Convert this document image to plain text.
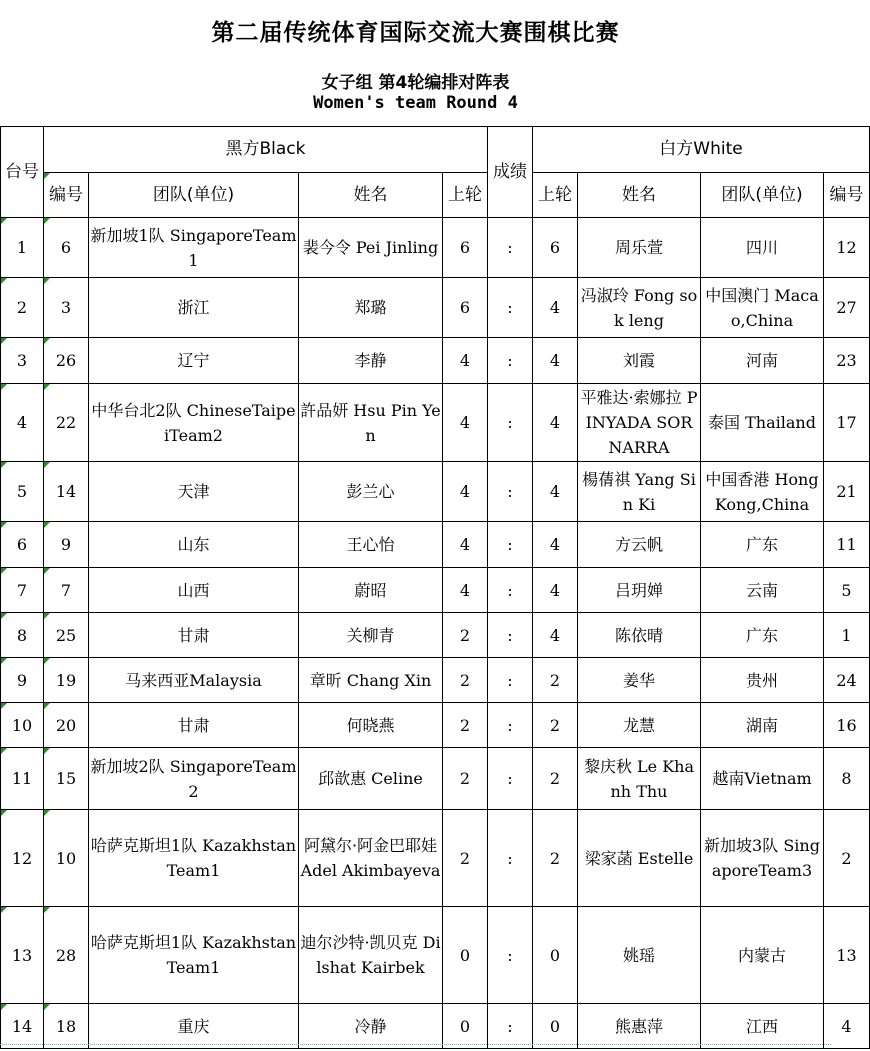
第二届传统体育国际交流大赛围棋比赛
女子组 第4轮编排对阵表
Women's team Round 4
台号	黑方Black				成绩	白方White			
	编号	团队(单位)	姓名	上轮		上轮	姓名	团队(单位)	编号
1	6	新加坡1队 SingaporeTeam1	裴今令 Pei Jinling	6	:	6	周乐萱	四川	12
2	3	浙江	郑璐	6	:	4	冯淑玲 Fong sok leng	中国澳门 Macao,China	27
3	26	辽宁	李静	4	:	4	刘霞	河南	23
4	22	中华台北2队 ChineseTaipeiTeam2	許品妍 Hsu Pin Yen	4	:	4	平雅达·索娜拉 PINYADA SORNARRA	泰国 Thailand	17
5	14	天津	彭兰心	4	:	4	楊蒨祺 Yang Sin Ki	中国香港 HongKong,China	21
6	9	山东	王心怡	4	:	4	方云帆	广东	11
7	7	山西	蔚昭	4	:	4	吕玥婵	云南	5
8	25	甘肃	关柳青	2	:	4	陈依晴	广东	1
9	19	马来西亚Malaysia	章昕 Chang Xin	2	:	2	姜华	贵州	24
10	20	甘肃	何晓燕	2	:	2	龙慧	湖南	16
11	15	新加坡2队 SingaporeTeam2	邱歆惠 Celine	2	:	2	黎庆秋 Le Khanh Thu	越南Vietnam	8
12	10	哈萨克斯坦1队 KazakhstanTeam1	阿黛尔·阿金巴耶娃 Adel Akimbayeva	2	:	2	梁家菡 Estelle	新加坡3队 SingaporeTeam3	2
13	28	哈萨克斯坦1队 KazakhstanTeam1	迪尔沙特·凯贝克 Dilshat Kairbek	0	:	0	姚瑶	内蒙古	13
14	18	重庆	冷静	0	:	0	熊惠萍	江西	4
